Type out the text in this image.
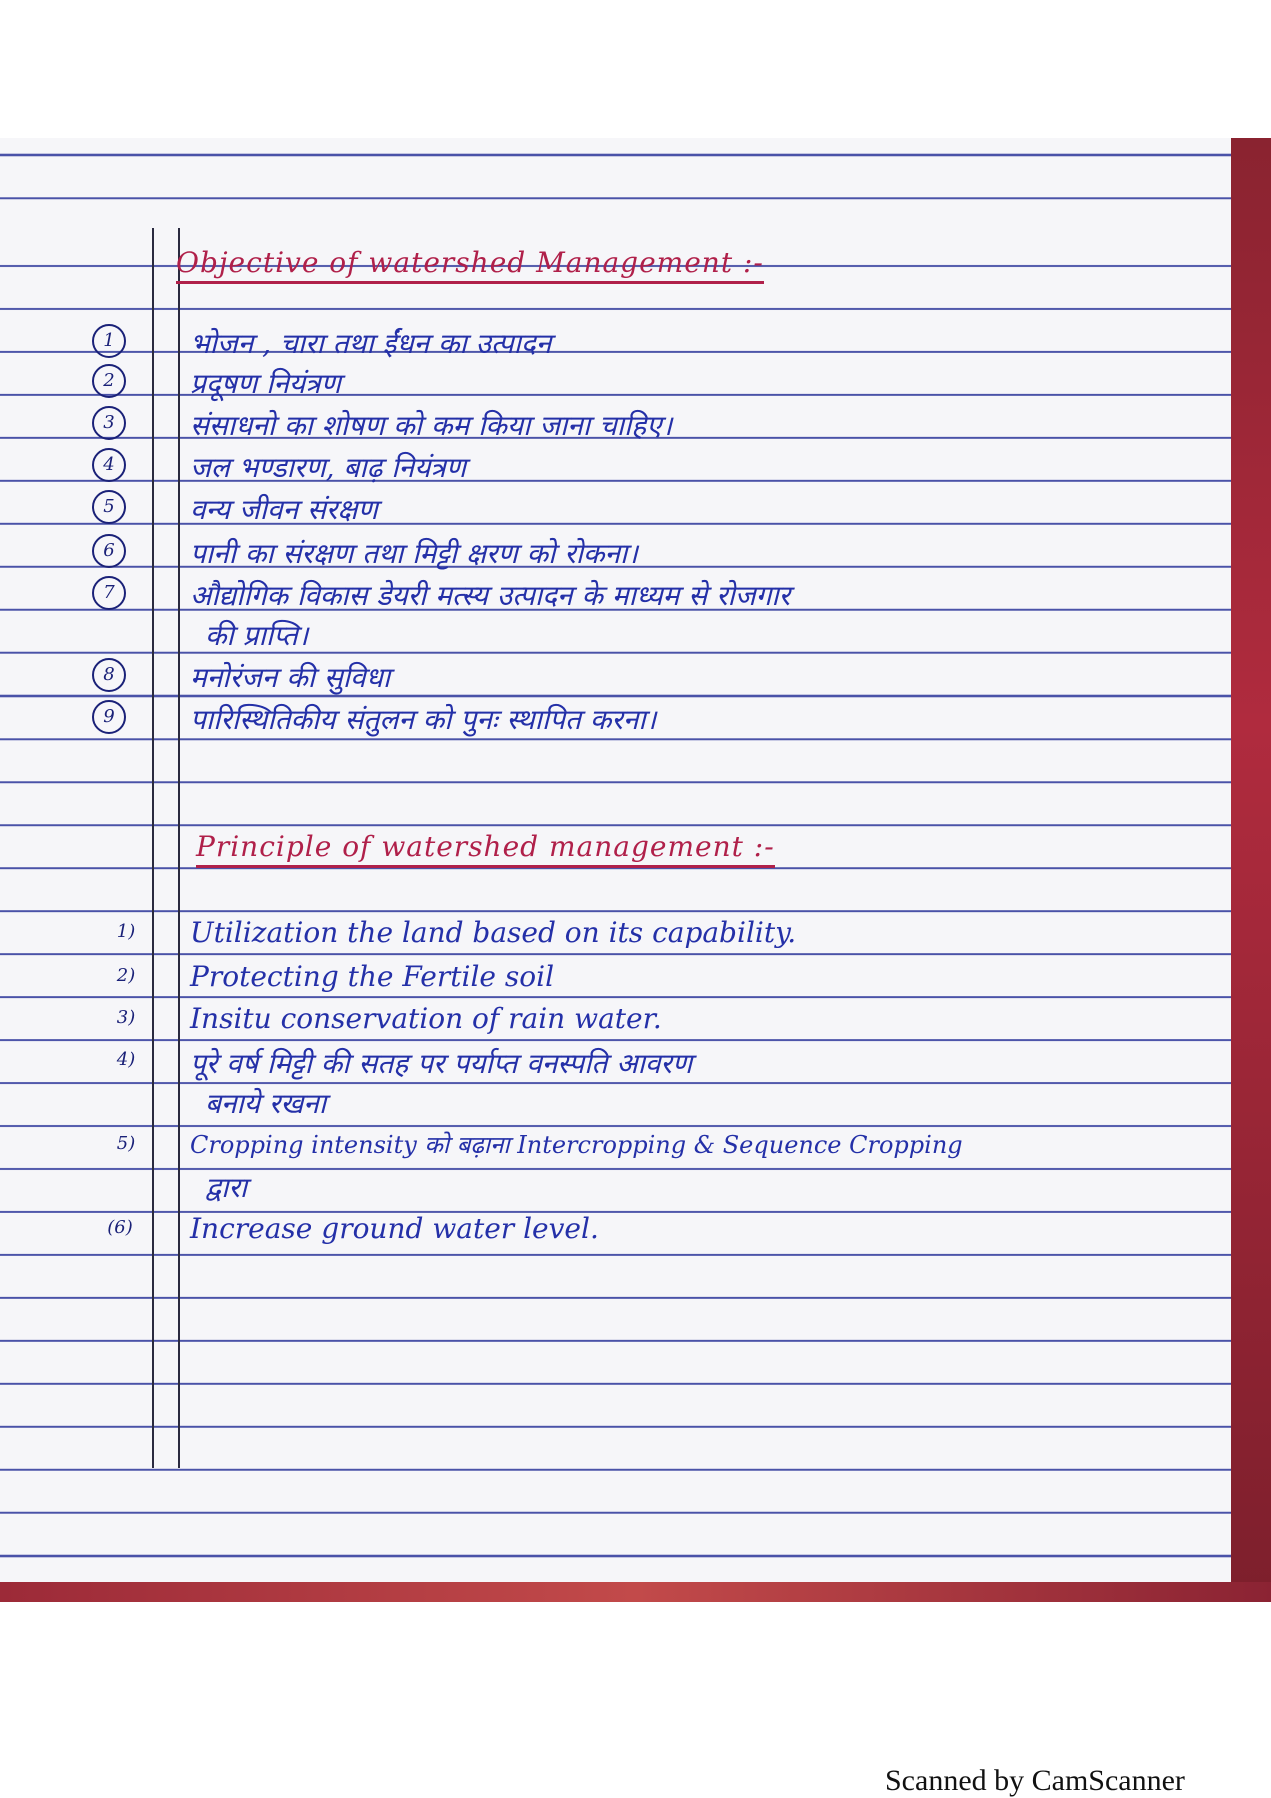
Objective of watershed Management :-
1	भोजन , चारा तथा ईंधन का उत्पादन
2	प्रदूषण नियंत्रण
3	संसाधनो का शोषण को कम किया जाना चाहिए।
4	जल भण्डारण, बाढ़ नियंत्रण
5	वन्य जीवन संरक्षण
6	पानी का संरक्षण तथा मिट्टी क्षरण को रोकना।
7	औद्योगिक विकास डेयरी मत्स्य उत्पादन के माध्यम से रोजगार
की प्राप्ति।
8	मनोरंजन की सुविधा
9	पारिस्थितिकीय संतुलन को पुनः स्थापित करना।
Principle of watershed management :-
1) Utilization the land based on its capability.
2) Protecting the Fertile soil
3) Insitu conservation of rain water.
4) पूरे वर्ष मिट्टी की सतह पर पर्याप्त वनस्पति आवरण
बनाये रखना
5) Cropping intensity को बढ़ाना Intercropping & Sequence Cropping
द्वारा
(6) Increase ground water level.
Scanned by CamScanner
